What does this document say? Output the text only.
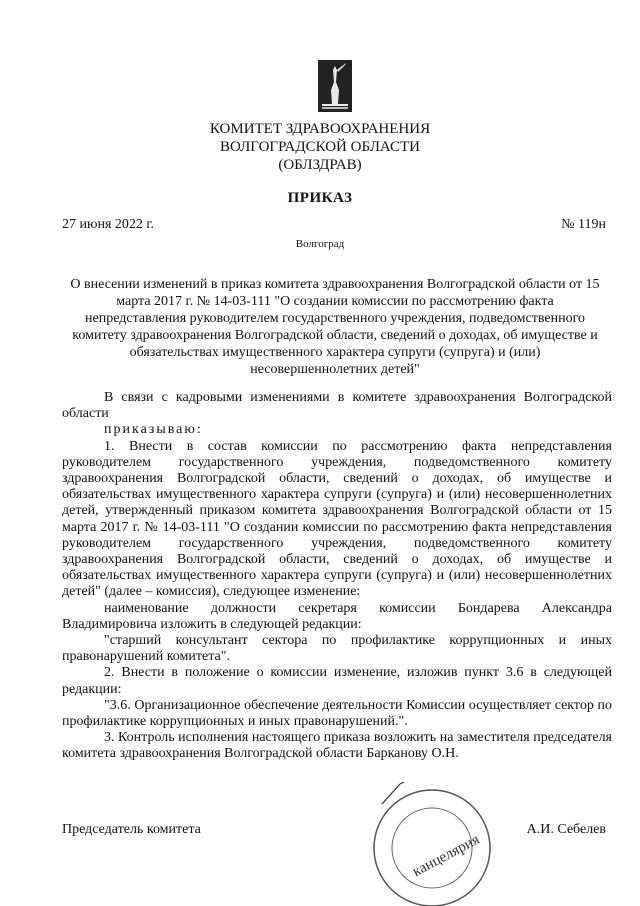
КОМИТЕТ ЗДРАВООХРАНЕНИЯ
ВОЛГОГРАДСКОЙ ОБЛАСТИ
(ОБЛЗДРАВ)
ПРИКАЗ
27 июня 2022 г.	№ 119н
Волгоград
О внесении изменений в приказ комитета здравоохранения Волгоградской области от 15 марта 2017 г. № 14-03-111 "О создании комиссии по рассмотрению факта непредставления руководителем государственного учреждения, подведомственного комитету здравоохранения Волгоградской области, сведений о доходах, об имуществе и обязательствах имущественного характера супруги (супруга) и (или) несовершеннолетних детей"

В связи с кадровыми изменениями в комитете здравоохранения Волгоградской области

приказываю:

1. Внести в состав комиссии по рассмотрению факта непредставления руководителем государственного учреждения, подведомственного комитету здравоохранения Волгоградской области, сведений о доходах, об имуществе и обязательствах имущественного характера супруги (супруга) и (или) несовершеннолетних детей, утвержденный приказом комитета здравоохранения Волгоградской области от 15 марта 2017 г. № 14-03-111 "О создании комиссии по рассмотрению факта непредставления руководителем государственного учреждения, подведомственного комитету здравоохранения Волгоградской области, сведений о доходах, об имуществе и обязательствах имущественного характера супруги (супруга) и (или) несовершеннолетних детей" (далее – комиссия), следующее изменение:

наименование должности секретаря комиссии Бондарева Александра Владимировича изложить в следующей редакции:

"старший консультант сектора по профилактике коррупционных и иных правонарушений комитета".

2. Внести в положение о комиссии изменение, изложив пункт 3.6 в следующей редакции:

"3.6. Организационное обеспечение деятельности Комиссии осуществляет сектор по профилактике коррупционных и иных правонарушений.".

3. Контроль исполнения настоящего приказа возложить на заместителя председателя комитета здравоохранения Волгоградской области Барканову О.Н.

Председатель комитета	А.И. Себелев
канцелярия
